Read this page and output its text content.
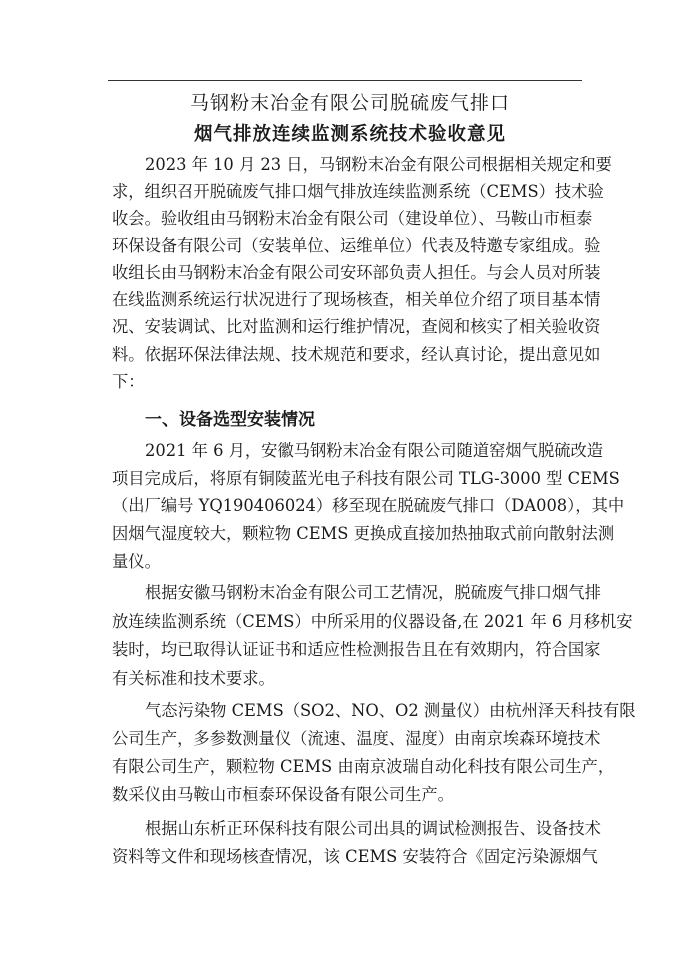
马钢粉末冶金有限公司脱硫废气排口
烟气排放连续监测系统技术验收意见
2023 年 10 月 23 日，马钢粉末冶金有限公司根据相关规定和要
求，组织召开脱硫废气排口烟气排放连续监测系统（CEMS）技术验
收会。验收组由马钢粉末冶金有限公司（建设单位）、马鞍山市桓泰
环保设备有限公司（安装单位、运维单位）代表及特邀专家组成。验
收组长由马钢粉末冶金有限公司安环部负责人担任。与会人员对所装
在线监测系统运行状况进行了现场核查，相关单位介绍了项目基本情
况、安装调试、比对监测和运行维护情况，查阅和核实了相关验收资
料。依据环保法律法规、技术规范和要求，经认真讨论，提出意见如
下：
一、设备选型安装情况
2021 年 6 月，安徽马钢粉末冶金有限公司随道窑烟气脱硫改造
项目完成后，将原有铜陵蓝光电子科技有限公司 TLG-3000 型 CEMS
（出厂编号 YQ190406024）移至现在脱硫废气排口（DA008），其中
因烟气湿度较大，颗粒物 CEMS 更换成直接加热抽取式前向散射法测
量仪。
根据安徽马钢粉末冶金有限公司工艺情况，脱硫废气排口烟气排
放连续监测系统（CEMS）中所采用的仪器设备,在 2021 年 6 月移机安
装时，均已取得认证证书和适应性检测报告且在有效期内，符合国家
有关标准和技术要求。
气态污染物 CEMS（SO2、NO、O2 测量仪）由杭州泽天科技有限
公司生产，多参数测量仪（流速、温度、湿度）由南京埃森环境技术
有限公司生产，颗粒物 CEMS 由南京波瑞自动化科技有限公司生产，
数采仪由马鞍山市桓泰环保设备有限公司生产。
根据山东析正环保科技有限公司出具的调试检测报告、设备技术
资料等文件和现场核查情况，该 CEMS 安装符合《固定污染源烟气
